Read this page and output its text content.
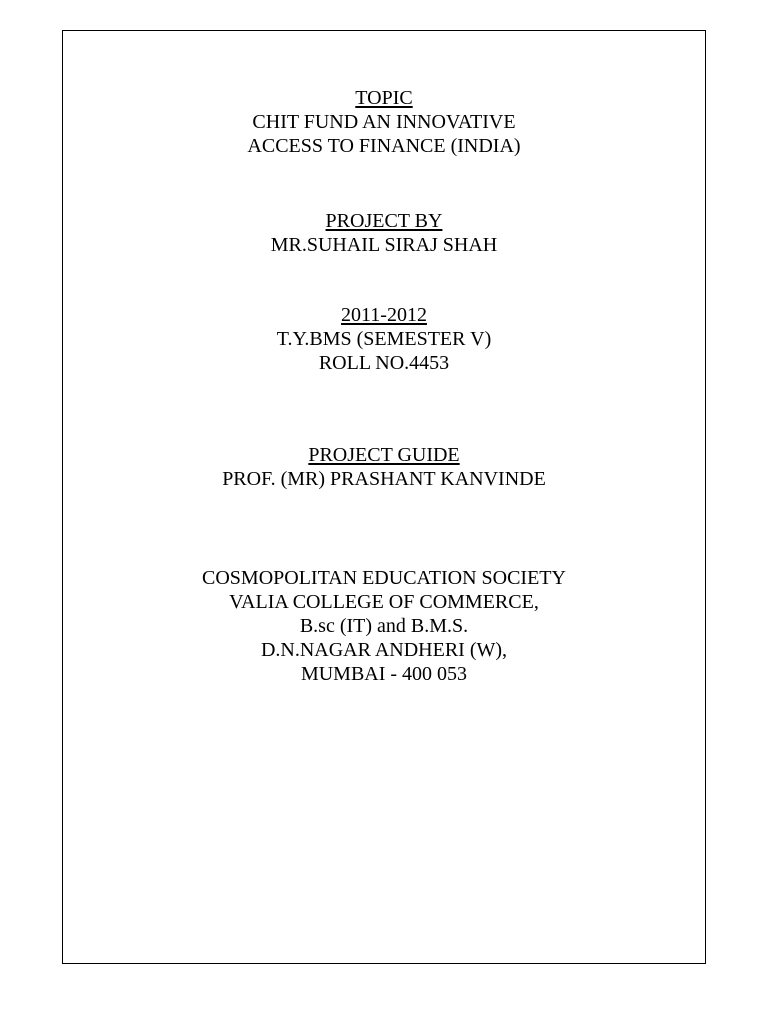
TOPIC
CHIT FUND AN INNOVATIVE
ACCESS TO FINANCE (INDIA)
PROJECT BY
MR.SUHAIL SIRAJ SHAH
2011-2012
T.Y.BMS (SEMESTER V)
ROLL NO.4453
PROJECT GUIDE
PROF. (MR) PRASHANT KANVINDE
COSMOPOLITAN EDUCATION SOCIETY
VALIA COLLEGE OF COMMERCE,
B.sc (IT) and B.M.S.
D.N.NAGAR ANDHERI (W),
MUMBAI - 400 053
